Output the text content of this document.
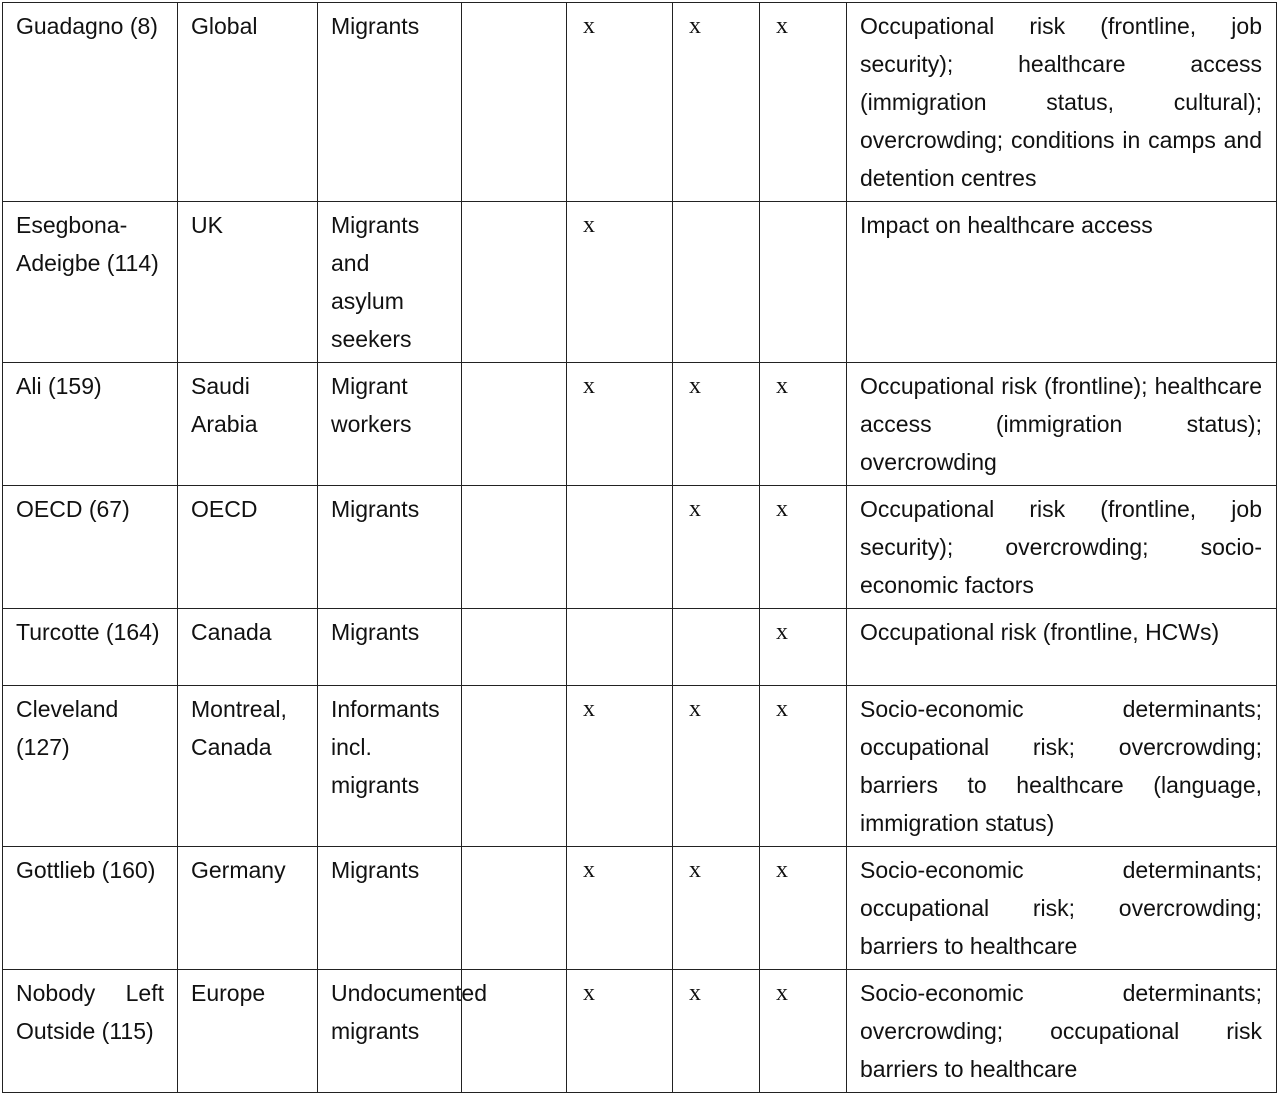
Guadagno (8)	Global	Migrants		x	x	x	Occupational risk (frontline, job security); healthcare access (immigration status, cultural); overcrowding; conditions in camps and detention centres
Esegbona-Adeigbe (114)	UK	Migrants and asylum seekers		x			Impact on healthcare access
Ali (159)	Saudi Arabia	Migrant workers		x	x	x	Occupational risk (frontline); healthcare access (immigration status); overcrowding
OECD (67)	OECD	Migrants			x	x	Occupational risk (frontline, job security); overcrowding; socio-economic factors
Turcotte (164)	Canada	Migrants				x	Occupational risk (frontline, HCWs)
Cleveland (127)	Montreal, Canada	Informants incl. migrants		x	x	x	Socio-economic determinants; occupational risk; overcrowding; barriers to healthcare (language, immigration status)
Gottlieb (160)	Germany	Migrants		x	x	x	Socio-economic determinants; occupational risk; overcrowding; barriers to healthcare
Nobody Left Outside (115)	Europe	Undocumented migrants		x	x	x	Socio-economic determinants; overcrowding; occupational risk barriers to healthcare
